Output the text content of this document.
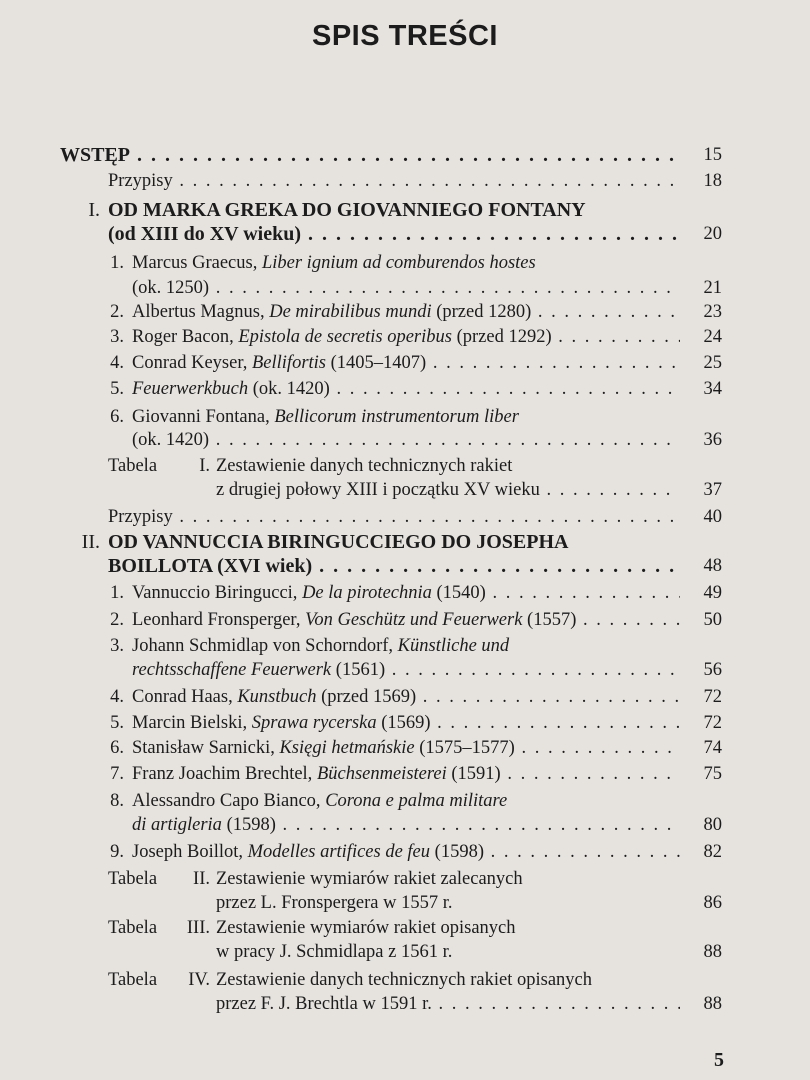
SPIS TREŚCI
WSTĘP . . .	15
Przypisy . . .	18
I. OD MARKA GREKA DO GIOVANNIEGO FONTANY
(od XIII do XV wieku) . . .	20
1. Marcus Graecus, Liber ignium ad comburendos hostes
(ok. 1250) . . .	21
2. Albertus Magnus, De mirabilibus mundi (przed 1280) . . .	23
3. Roger Bacon, Epistola de secretis operibus (przed 1292) . . .	24
4. Conrad Keyser, Bellifortis (1405–1407) . . .	25
5. Feuerwerkbuch (ok. 1420) . . .	34
6. Giovanni Fontana, Bellicorum instrumentorum liber
(ok. 1420) . . .	36
Tabela	I. Zestawienie danych technicznych rakiet
z drugiej połowy XIII i początku XV wieku . . .	37
Przypisy . . .	40
II. OD VANNUCCIA BIRINGUCCIEGO DO JOSEPHA
BOILLOTA (XVI wiek) . . .	48
1. Vannuccio Biringucci, De la pirotechnia (1540) . . .	49
2. Leonhard Fronsperger, Von Geschütz und Feuerwerk (1557) . . .	50
3. Johann Schmidlap von Schorndorf, Künstliche und
rechtsschaffene Feuerwerk (1561) . . .	56
4. Conrad Haas, Kunstbuch (przed 1569) . . .	72
5. Marcin Bielski, Sprawa rycerska (1569) . . .	72
6. Stanisław Sarnicki, Księgi hetmańskie (1575–1577) . . .	74
7. Franz Joachim Brechtel, Büchsenmeisterei (1591) . . .	75
8. Alessandro Capo Bianco, Corona e palma militare
di artigleria (1598) . . .	80
9. Joseph Boillot, Modelles artifices de feu (1598) . . .	82
Tabela	II. Zestawienie wymiarów rakiet zalecanych
przez L. Fronspergera w 1557 r.	86
Tabela	III. Zestawienie wymiarów rakiet opisanych
w pracy J. Schmidlapa z 1561 r.	88
Tabela	IV. Zestawienie danych technicznych rakiet opisanych
przez F. J. Brechtla w 1591 r. . . .	88
5
